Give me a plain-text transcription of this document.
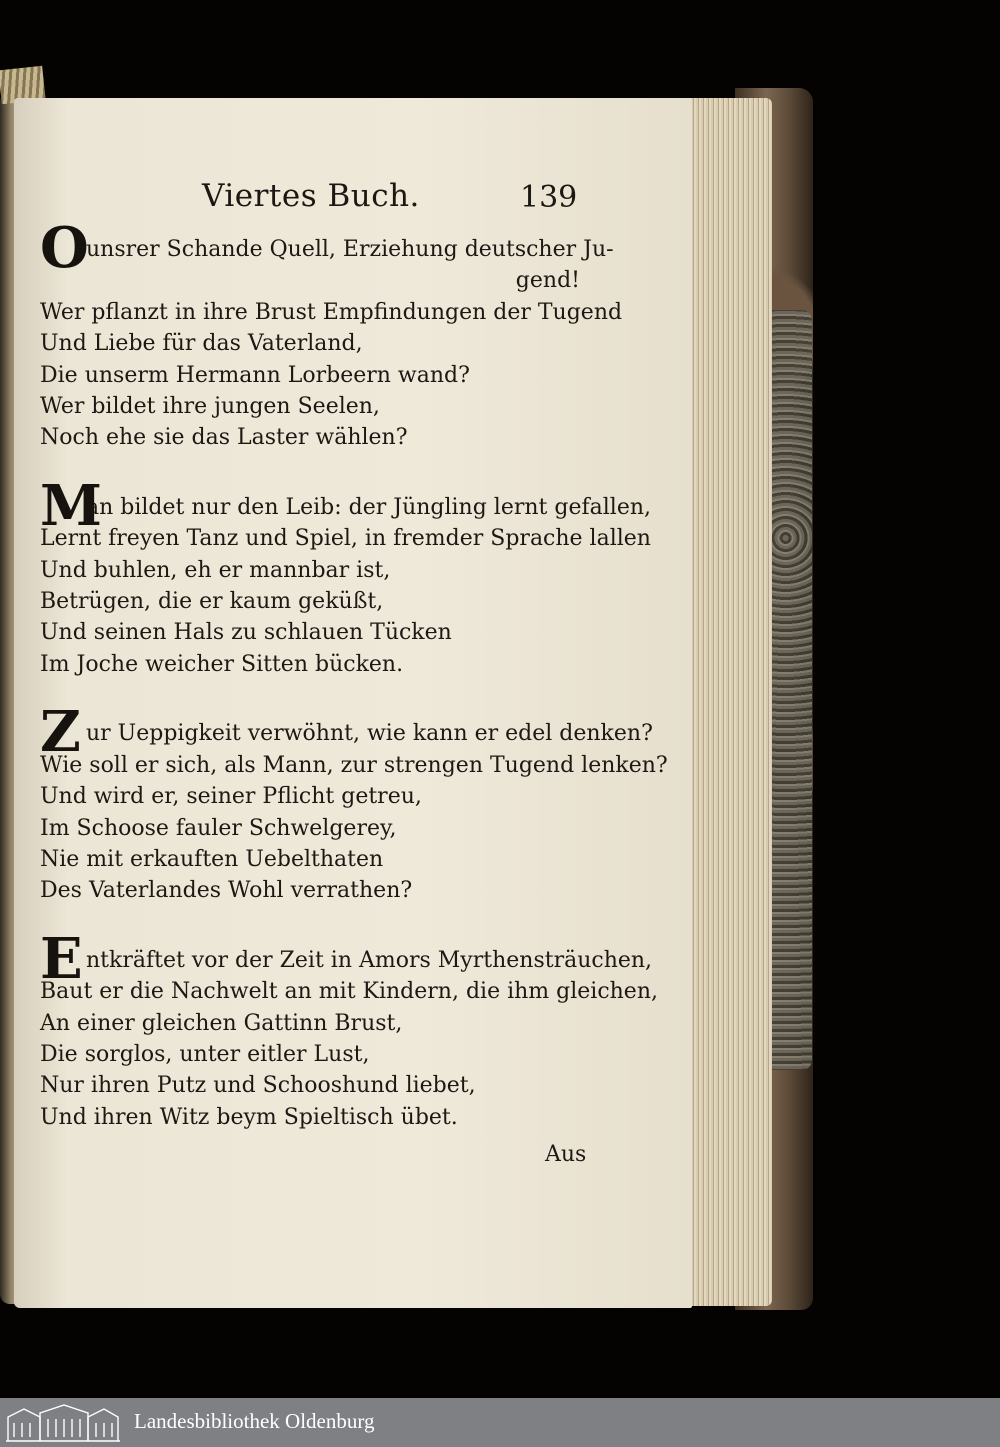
Viertes Buch.	139
O
unsrer Schande Quell, Erziehung deutscher Ju-
gend!
Wer pflanzt in ihre Brust Empfindungen der Tugend
Und Liebe für das Vaterland,
Die unserm Hermann Lorbeern wand?
Wer bildet ihre jungen Seelen,
Noch ehe sie das Laster wählen?
M
an bildet nur den Leib: der Jüngling lernt gefallen,
Lernt freyen Tanz und Spiel, in fremder Sprache lallen
Und buhlen, eh er mannbar ist,
Betrügen, die er kaum geküßt,
Und seinen Hals zu schlauen Tücken
Im Joche weicher Sitten bücken.
Z ur Ueppigkeit verwöhnt, wie kann er edel denken?
Wie soll er sich, als Mann, zur strengen Tugend lenken?
Und wird er, seiner Pflicht getreu,
Im Schoose fauler Schwelgerey,
Nie mit erkauften Uebelthaten
Des Vaterlandes Wohl verrathen?
E ntkräftet vor der Zeit in Amors Myrthensträuchen,
Baut er die Nachwelt an mit Kindern, die ihm gleichen,
An einer gleichen Gattinn Brust,
Die sorglos, unter eitler Lust,
Nur ihren Putz und Schooshund liebet,
Und ihren Witz beym Spieltisch übet.
Aus
Landesbibliothek Oldenburg
